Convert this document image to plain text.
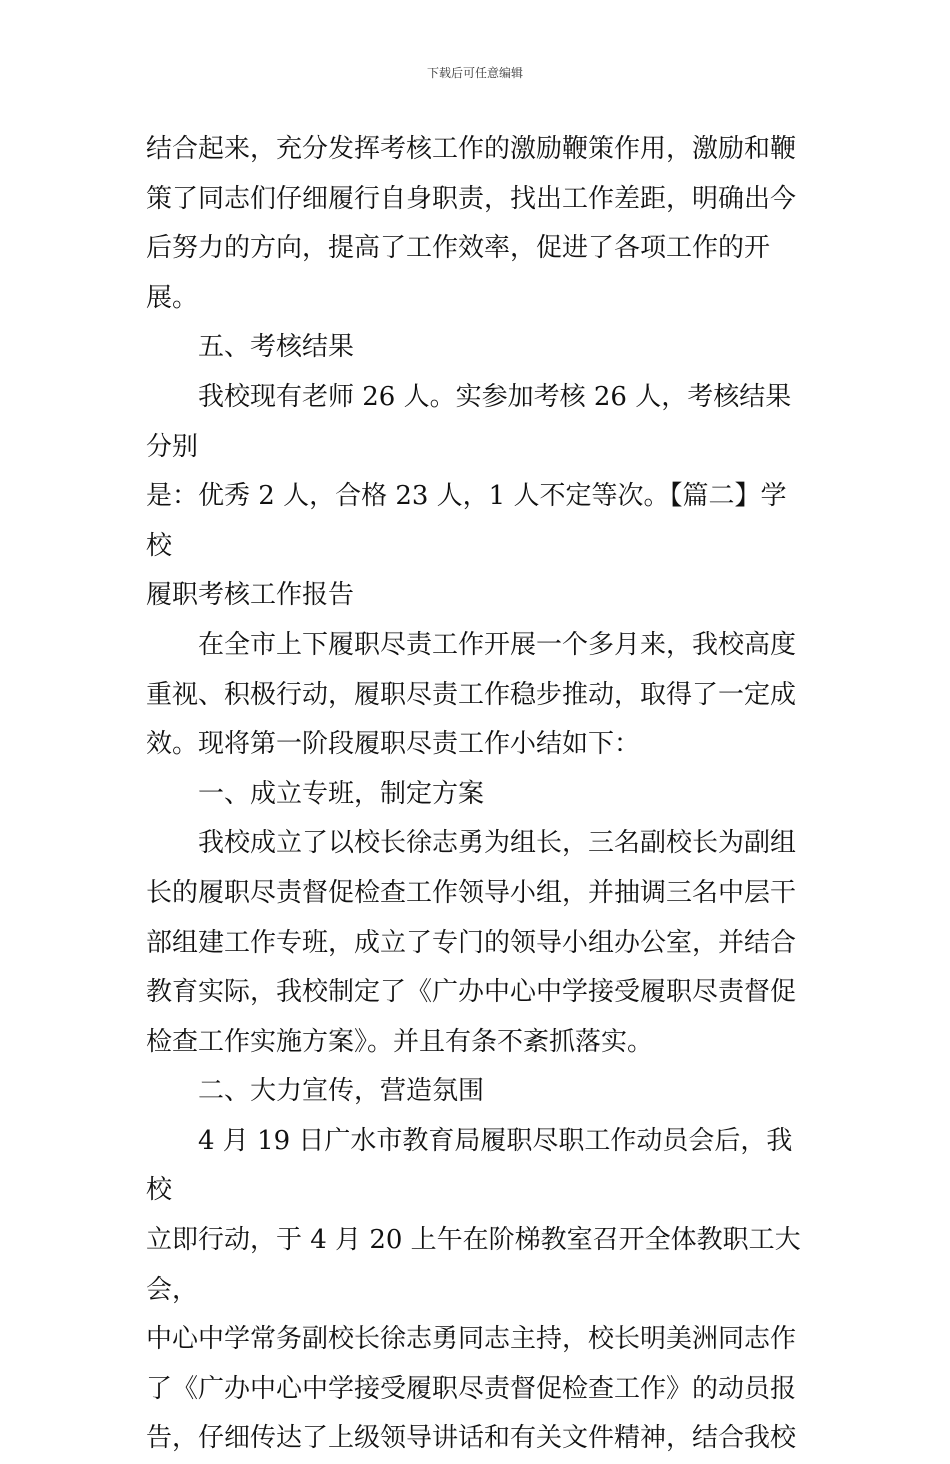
下载后可任意编辑

结合起来，充分发挥考核工作的激励鞭策作用，激励和鞭

策了同志们仔细履行自身职责，找出工作差距，明确出今

后努力的方向，提高了工作效率，促进了各项工作的开展。

五、考核结果

我校现有老师 26 人。实参加考核 26 人，考核结果分别

是：优秀 2 人，合格 23 人，1 人不定等次。【篇二】学校

履职考核工作报告

在全市上下履职尽责工作开展一个多月来，我校高度

重视、积极行动，履职尽责工作稳步推动，取得了一定成

效。现将第一阶段履职尽责工作小结如下：

一、成立专班，制定方案

我校成立了以校长徐志勇为组长，三名副校长为副组

长的履职尽责督促检查工作领导小组，并抽调三名中层干

部组建工作专班，成立了专门的领导小组办公室，并结合

教育实际，我校制定了《广办中心中学接受履职尽责督促

检查工作实施方案》。并且有条不紊抓落实。

二、大力宣传，营造氛围

4 月 19 日广水市教育局履职尽职工作动员会后，我校

立即行动，于 4 月 20 上午在阶梯教室召开全体教职工大会，

中心中学常务副校长徐志勇同志主持，校长明美洲同志作

了《广办中心中学接受履职尽责督促检查工作》的动员报

告，仔细传达了上级领导讲话和有关文件精神，结合我校
